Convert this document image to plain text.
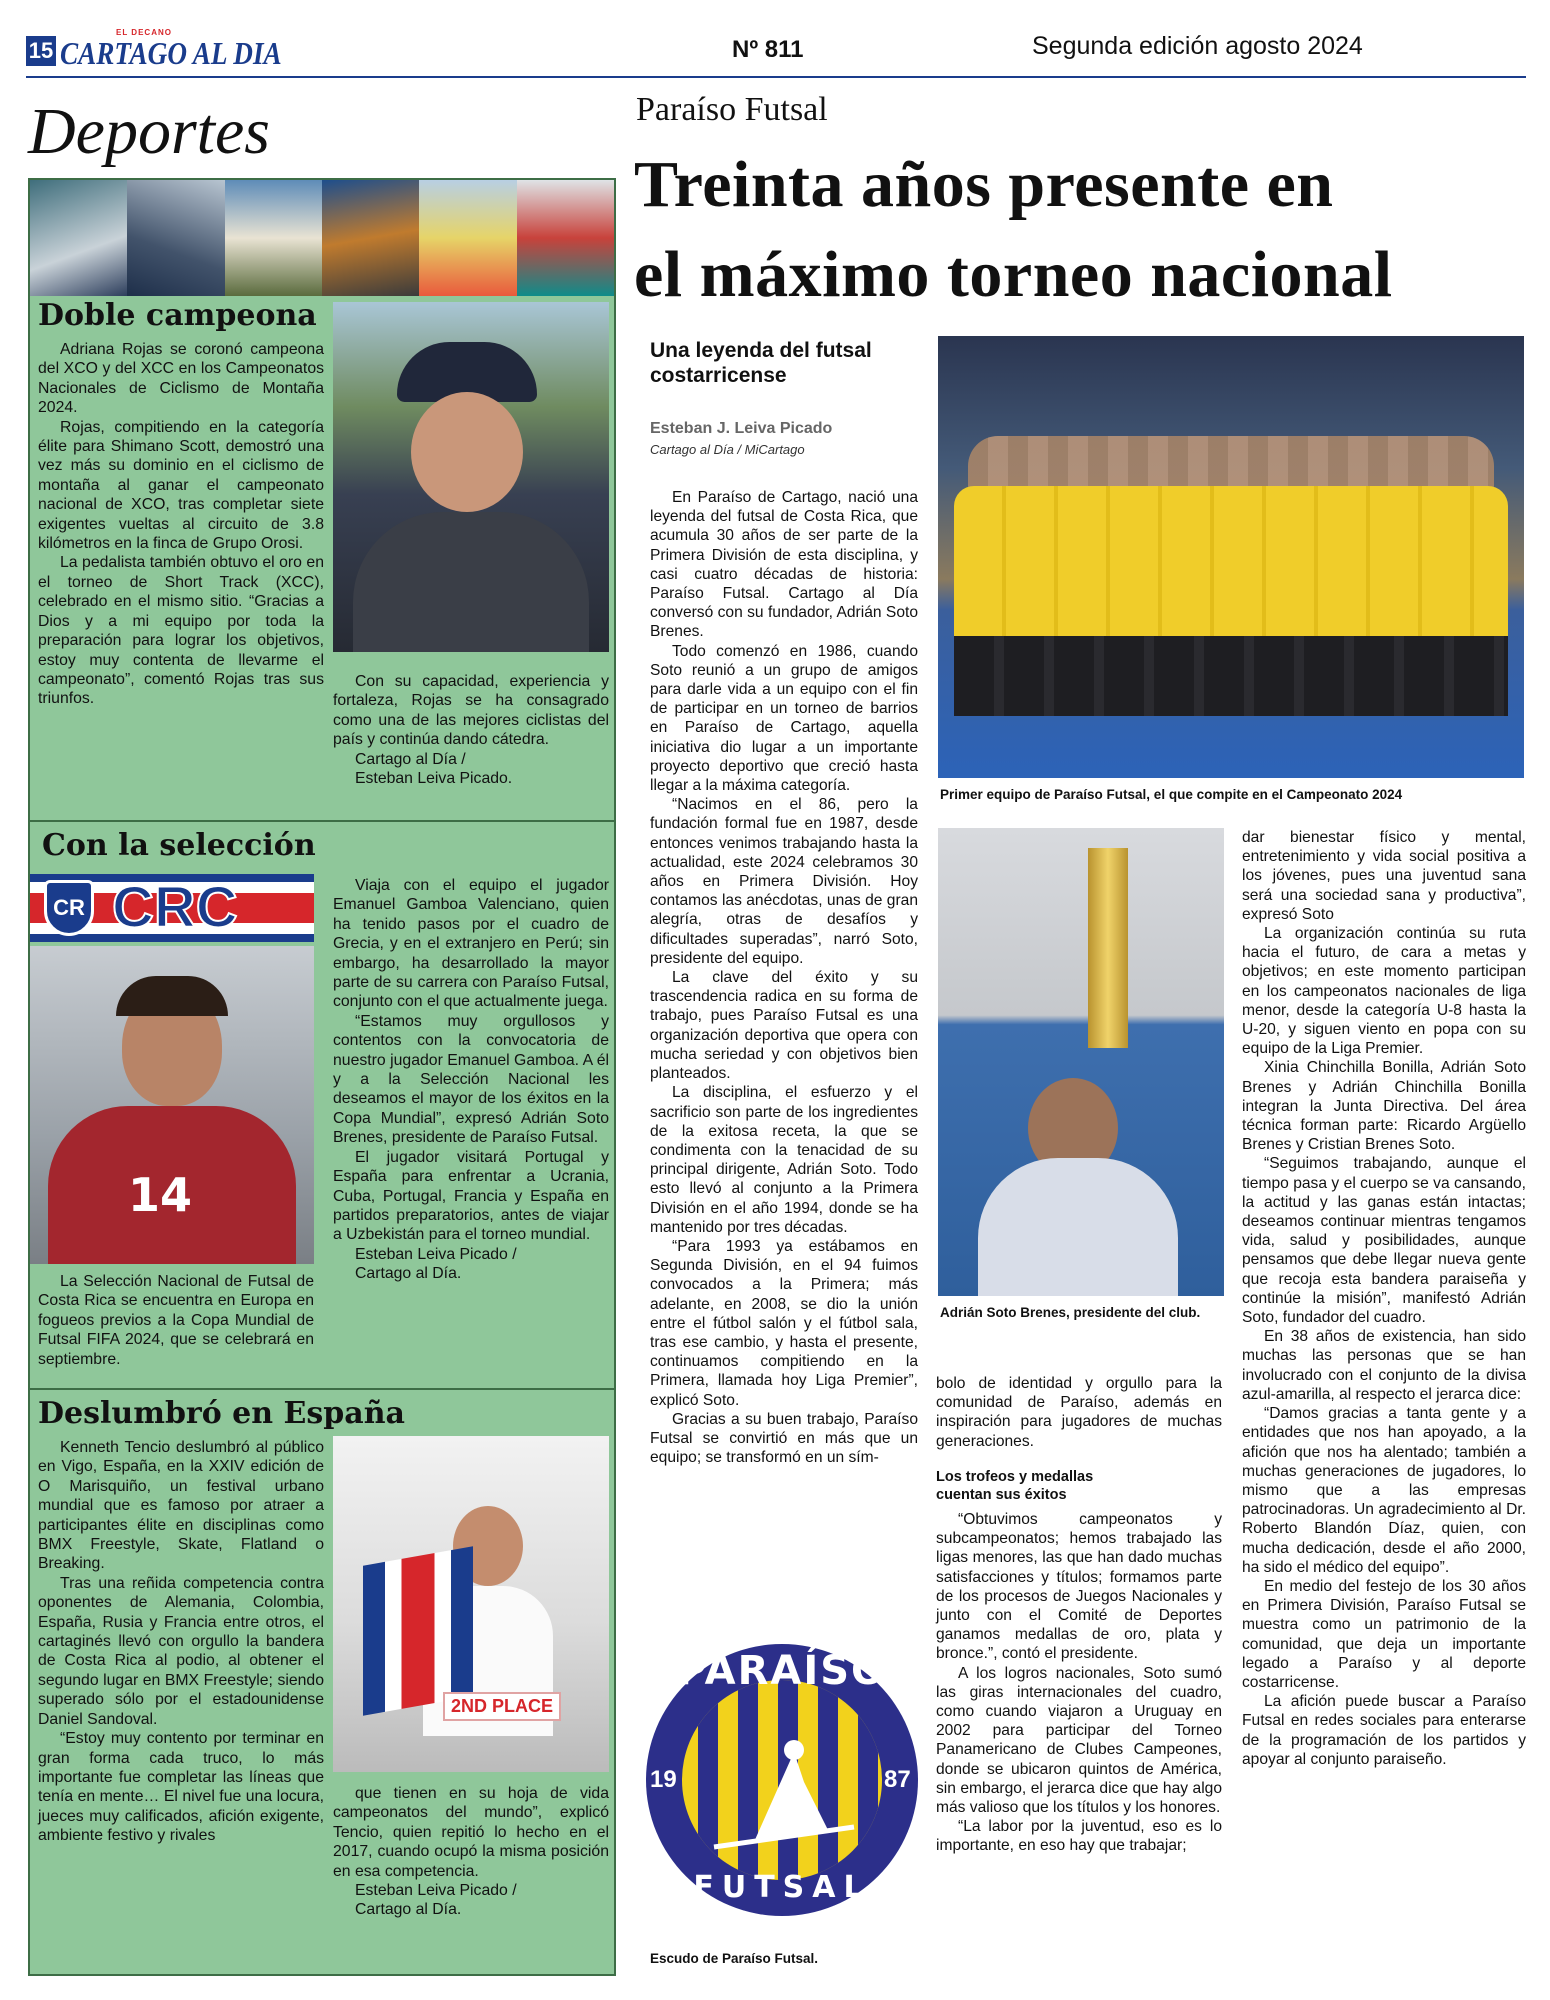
15
EL DECANO
CARTAGO AL DIA	Nº 811	Segunda edición agosto 2024
Deportes
Doble campeona

Adriana Rojas se coronó campeona del XCO y del XCC en los Campeonatos Nacionales de Ciclismo de Montaña 2024.

Rojas, compitiendo en la categoría élite para Shimano Scott, demostró una vez más su dominio en el ciclismo de montaña al ganar el campeonato nacional de XCO, tras completar siete exigentes vueltas al circuito de 3.8 kilómetros en la finca de Grupo Orosi.

La pedalista también obtuvo el oro en el torneo de Short Track (XCC), celebrado en el mismo sitio. “Gracias a Dios y a mi equipo por toda la preparación para lograr los objetivos, estoy muy contenta de llevarme el campeonato”, comentó Rojas tras sus triunfos.

Con su capacidad, experiencia y fortaleza, Rojas se ha consagrado como una de las mejores ciclistas del país y continúa dando cátedra.

Cartago al Día /

Esteban Leiva Picado.

Con la selección
CR CRC
14

La Selección Nacional de Futsal de Costa Rica se encuentra en Europa en fogueos previos a la Copa Mundial de Futsal FIFA 2024, que se celebrará en septiembre.

Viaja con el equipo el jugador Emanuel Gamboa Valenciano, quien ha tenido pasos por el cuadro de Grecia, y en el extranjero en Perú; sin embargo, ha desarrollado la mayor parte de su carrera con Paraíso Futsal, conjunto con el que actualmente juega.

“Estamos muy orgullosos y contentos con la convocatoria de nuestro jugador Emanuel Gamboa. A él y a la Selección Nacional les deseamos el mayor de los éxitos en la Copa Mundial”, expresó Adrián Soto Brenes, presidente de Paraíso Futsal.

El jugador visitará Portugal y España para enfrentar a Ucrania, Cuba, Portugal, Francia y España en partidos preparatorios, antes de viajar a Uzbekistán para el torneo mundial.

Esteban Leiva Picado /

Cartago al Día.

Deslumbró en España
2ND PLACE

Kenneth Tencio deslumbró al público en Vigo, España, en la XXIV edición de O Marisquiño, un festival urbano mundial que es famoso por atraer a participantes élite en disciplinas como BMX Freestyle, Skate, Flatland o Breaking.

Tras una reñida competencia contra oponentes de Alemania, Colombia, España, Rusia y Francia entre otros, el cartaginés llevó con orgullo la bandera de Costa Rica al podio, al obtener el segundo lugar en BMX Freestyle; siendo superado sólo por el estadounidense Daniel Sandoval.

“Estoy muy contento por terminar en gran forma cada truco, lo más importante fue completar las líneas que tenía en mente… El nivel fue una locura, jueces muy calificados, afición exigente, ambiente festivo y rivales

que tienen en su hoja de vida campeonatos del mundo”, explicó Tencio, quien repitió lo hecho en el 2017, cuando ocupó la misma posición en esa competencia.

Esteban Leiva Picado /

Cartago al Día.

Paraíso Futsal
Treinta años presente en
el máximo torneo nacional
Una leyenda del futsal costarricense
Esteban J. Leiva Picado
Cartago al Día / MiCartago

En Paraíso de Cartago, nació una leyenda del futsal de Costa Rica, que acumula 30 años de ser parte de la Primera División de esta disciplina, y casi cuatro décadas de historia: Paraíso Futsal. Cartago al Día conversó con su fundador, Adrián Soto Brenes.

Todo comenzó en 1986, cuando Soto reunió a un grupo de amigos para darle vida a un equipo con el fin de participar en un torneo de barrios en Paraíso de Cartago, aquella iniciativa dio lugar a un importante proyecto deportivo que creció hasta llegar a la máxima categoría.

“Nacimos en el 86, pero la fundación formal fue en 1987, desde entonces venimos trabajando hasta la actualidad, este 2024 celebramos 30 años en Primera División. Hoy contamos las anécdotas, unas de gran alegría, otras de desafíos y dificultades superadas”, narró Soto, presidente del equipo.

La clave del éxito y su trascendencia radica en su forma de trabajo, pues Paraíso Futsal es una organización deportiva que opera con mucha seriedad y con objetivos bien planteados.

La disciplina, el esfuerzo y el sacrificio son parte de los ingredientes de la exitosa receta, la que se condimenta con la tenacidad de su principal dirigente, Adrián Soto. Todo esto llevó al conjunto a la Primera División en el año 1994, donde se ha mantenido por tres décadas.

“Para 1993 ya estábamos en Segunda División, en el 94 fuimos convocados a la Primera; más adelante, en 2008, se dio la unión entre el fútbol salón y el fútbol sala, tras ese cambio, y hasta el presente, continuamos compitiendo en la Primera, llamada hoy Liga Premier”, explicó Soto.

Gracias a su buen trabajo, Paraíso Futsal se convirtió en más que un equipo; se transformó en un sím-

Primer equipo de Paraíso Futsal, el que compite en el Campeonato 2024
Adrián Soto Brenes, presidente del club.

bolo de identidad y orgullo para la comunidad de Paraíso, además en inspiración para jugadores de muchas generaciones.

Los trofeos y medallas cuentan sus éxitos

“Obtuvimos campeonatos y subcampeonatos; hemos trabajado las ligas menores, las que han dado muchas satisfacciones y títulos; formamos parte de los procesos de Juegos Nacionales y junto con el Comité de Deportes ganamos medallas de oro, plata y bronce.”, contó el presidente.

A los logros nacionales, Soto sumó las giras internacionales del cuadro, como cuando viajaron a Uruguay en 2002 para participar del Torneo Panamericano de Clubes Campeones, donde se ubicaron quintos de América, sin embargo, el jerarca dice que hay algo más valioso que los títulos y los honores.

“La labor por la juventud, eso es lo importante, en eso hay que trabajar;

PARAÍSO
FUTSAL
19	87
Escudo de Paraíso Futsal.

dar bienestar físico y mental, entretenimiento y vida social positiva a los jóvenes, pues una juventud sana será una sociedad sana y productiva”, expresó Soto

La organización continúa su ruta hacia el futuro, de cara a metas y objetivos; en este momento participan en los campeonatos nacionales de liga menor, desde la categoría U-8 hasta la U-20, y siguen viento en popa con su equipo de la Liga Premier.

Xinia Chinchilla Bonilla, Adrián Soto Brenes y Adrián Chinchilla Bonilla integran la Junta Directiva. Del área técnica forman parte: Ricardo Argüello Brenes y Cristian Brenes Soto.

“Seguimos trabajando, aunque el tiempo pasa y el cuerpo se va cansando, la actitud y las ganas están intactas; deseamos continuar mientras tengamos vida, salud y posibilidades, aunque pensamos que debe llegar nueva gente que recoja esta bandera paraiseña y continúe la misión”, manifestó Adrián Soto, fundador del cuadro.

En 38 años de existencia, han sido muchas las personas que se han involucrado con el conjunto de la divisa azul-amarilla, al respecto el jerarca dice:

“Damos gracias a tanta gente y a entidades que nos han apoyado, a la afición que nos ha alentado; también a muchas generaciones de jugadores, lo mismo que a las empresas patrocinadoras. Un agradecimiento al Dr. Roberto Blandón Díaz, quien, con mucha dedicación, desde el año 2000, ha sido el médico del equipo”.

En medio del festejo de los 30 años en Primera División, Paraíso Futsal se muestra como un patrimonio de la comunidad, que deja un importante legado a Paraíso y al deporte costarricense.

La afición puede buscar a Paraíso Futsal en redes sociales para enterarse de la programación de los partidos y apoyar al conjunto paraiseño.
